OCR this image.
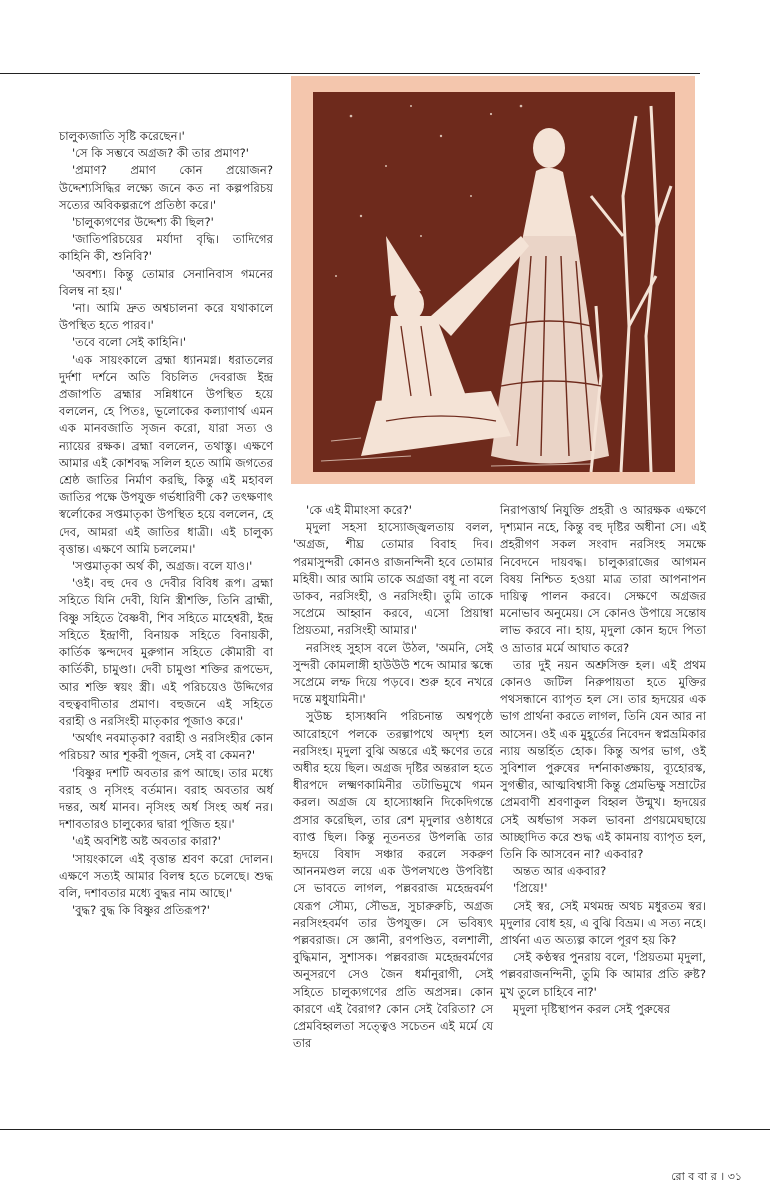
চালুক্যজাতি সৃষ্টি করেছেন।'

'সে কি সম্ভবে অগ্রজ? কী তার প্রমাণ?'

'প্রমাণ? প্রমাণ কোন প্রয়োজন? উদ্দেশ্যসিদ্ধির লক্ষ্যে জনে কত না কল্পপরিচয় সত্যের অবিকল্পরূপে প্রতিষ্ঠা করে।'

'চালুক্যগণের উদ্দেশ্য কী ছিল?'

'জাতিপরিচয়ের মর্যাদা বৃদ্ধি। তাদিগের কাহিনি কী, শুনিবি?'

'অবশ্য। কিন্তু তোমার সেনানিবাস গমনের বিলম্ব না হয়।'

'না। আমি দ্রুত অশ্বচালনা করে যথাকালে উপস্থিত হতে পারব।'

'তবে বলো সেই কাহিনি।'

'এক সায়ংকালে ব্রহ্মা ধ্যানমগ্ন। ধরাতলের দুর্দশা দর্শনে অতি বিচলিত দেবরাজ ইন্দ্র প্রজাপতি ব্রহ্মার সন্নিধানে উপস্থিত হয়ে বললেন, হে পিতঃ, ভূলোকের কল্যাণার্থ এমন এক মানবজাতি সৃজন করো, যারা সত্য ও ন্যায়ের রক্ষক। ব্রহ্মা বললেন, তথাস্তু। এক্ষণে আমার এই কোশবদ্ধ সলিল হতে আমি জগতের শ্রেষ্ঠ জাতির নির্মাণ করছি, কিন্তু এই মহাবল জাতির পক্ষে উপযুক্ত গর্ভধারিণী কে? তৎক্ষণাৎ স্বর্লোকের সপ্তমাতৃকা উপস্থিত হয়ে বললেন, হে দেব, আমরা এই জাতির ধাত্রী। এই চালুক্য বৃত্তান্ত। এক্ষণে আমি চললেম।'

'সপ্তমাতৃকা অর্থ কী, অগ্রজ। বলে যাও।'

'ওই। বহু দেব ও দেবীর বিবিধ রূপ। ব্রহ্মা সহিতে যিনি দেবী, যিনি স্ত্রীশক্তি, তিনি ব্রাহ্মী, বিষ্ণু সহিতে বৈষ্ণবী, শিব সহিতে মাহেশ্বরী, ইন্দ্র সহিতে ইন্দ্রাণী, বিনায়ক সহিতে বিনায়কী, কার্তিক স্কন্দদেব মুরুগান সহিতে কৌমারী বা কার্তিকী, চামুণ্ডা। দেবী চামুণ্ডা শক্তির রূপভেদ, আর শক্তি স্বয়ং স্ত্রী। এই পরিচয়েও উদ্দিগের বহুত্ববাদীতার প্রমাণ। বহুজনে এই সহিতে বরাহী ও নরসিংহী মাতৃকার পূজাও করে।'

'অর্থাৎ নবমাতৃকা? বরাহী ও নরসিংহীর কোন পরিচয়? আর শূকরী পূজন, সেই বা কেমন?'

'বিষ্ণুর দশটি অবতার রূপ আছে। তার মধ্যে বরাহ ও নৃসিংহ বর্তমান। বরাহ অবতার অর্ধ দন্তর, অর্ধ মানব। নৃসিংহ অর্ধ সিংহ অর্ধ নর। দশাবতারও চালুক্যের দ্বারা পূজিত হয়।'

'এই অবশিষ্ট অষ্ট অবতার কারা?'

'সায়ংকালে এই বৃত্তান্ত শ্রবণ করো দোলন। এক্ষণে সত্যই আমার বিলম্ব হতে চলেছে। শুদ্ধ বলি, দশাবতার মধ্যে বুদ্ধর নাম আছে।'

'বুদ্ধ? বুদ্ধ কি বিষ্ণুর প্রতিরূপ?'

'কে এই মীমাংসা করে?'

মৃদুলা সহসা হাস্যোজ্জ্বলতায় বলল, 'অগ্রজ, শীঘ্র তোমার বিবাহ দিব। পরমাসুন্দরী কোনও রাজনন্দিনী হবে তোমার মহিষী। আর আমি তাকে অগ্রজা বধূ না বলে ডাকব, নরসিংহী, ও নরসিংহী। তুমি তাকে সপ্রেমে আহ্বান করবে, এসো প্রিয়াম্বা প্রিয়তমা, নরসিংহী আমার।'

নরসিংহ সুহাস বলে উঠল, 'অমনি, সেই সুন্দরী কোমলাঙ্গী হাউউউ শব্দে আমার স্কন্ধে সপ্রেমে লম্ফ দিয়ে পড়বে। শুরু হবে নখরে দন্তে মধুযামিনী।'

সুউচ্চ হাস্যধ্বনি পরিচনান্ত অশ্বপৃষ্ঠে আরোহণে পলকে তরল্গাপথে অদৃশ্য হল নরসিংহ। মৃদুলা বুঝি অন্তরে এই ক্ষণের তরে অধীর হয়ে ছিল। অগ্রজ দৃষ্টির অন্তরাল হতে ধীরপদে লক্ষ্মণকামিনীর তটাভিমুখে গমন করল। অগ্রজ যে হাস্যোধ্বনি দিকেদিগন্তে প্রসার করেছিল, তার রেশ মৃদুলার ওষ্ঠাধরে ব্যাপ্ত ছিল। কিন্তু নূতনতর উপলব্ধি তার হৃদয়ে বিষাদ সঞ্চার করলে সকরুণ আননমণ্ডল লয়ে এক উপলখণ্ডে উপবিষ্টা সে ভাবতে লাগল, পল্লবরাজ মহেন্দ্রবর্মণ যেরূপ সৌম্য, সৌভদ্র, সুচারুরুচি, অগ্রজ নরসিংহবর্মণ তার উপযুক্ত। সে ভবিষ্যৎ পল্লবরাজ। সে জ্ঞানী, রণপণ্ডিত, বলশালী, বুদ্ধিমান, সুশাসক। পল্লবরাজ মহেন্দ্রবর্মণের অনুসরণে সেও জৈন ধর্মানুরাগী, সেই সহিতে চালুক্যগণের প্রতি অপ্রসন্ন। কোন কারণে এই বৈরাগ? কোন সেই বৈরিতা? সে প্রেমবিহ্বলতা সত্ত্বেও সচেতন এই মর্মে যে তার

নিরাপত্তার্থ নিযুক্তি প্রহরী ও আরক্ষক এক্ষণে দৃশ্যমান নহে, কিন্তু বহু দৃষ্টির অধীনা সে। এই প্রহরীগণ সকল সংবাদ নরসিংহ সমক্ষে নিবেদনে দায়বদ্ধ। চালুক্যরাজের আগমন বিষয় নিশ্চিত হওয়া মাত্র তারা আপনাপন দায়িত্ব পালন করবে। সেক্ষণে অগ্রজর মনোভাব অনুমেয়। সে কোনও উপায়ে সন্তোষ লাভ করবে না। হায়, মৃদুলা কোন হৃদে পিতা ও ভ্রাতার মর্মে আঘাত করে?

তার দুই নয়ন অশ্রুসিক্ত হল। এই প্রথম কোনও জটিল নিরুপায়তা হতে মুক্তির পথসন্ধানে ব্যাপৃত হল সে। তার হৃদয়ের এক ভাগ প্রার্থনা করতে লাগল, তিনি যেন আর না আসেন। ওই এক মুহূর্তের নিবেদন স্বপ্নভ্রমিকার ন্যায় অন্তর্হিত হোক। কিন্তু অপর ভাগ, ওই সুবিশাল পুরুষের দর্শনাকাঙ্ক্ষায়, ব্যূহোরস্ক, সুগম্ভীর, আত্মবিশ্বাসী কিন্তু প্রেমভিক্ষু সম্রাটের প্রেমবাণী শ্রবণাকুল বিহ্বল উন্মুখ। হৃদয়ের সেই অর্ধভাগ সকল ভাবনা প্রণয়মেঘছায়ে আচ্ছাদিত করে শুদ্ধ এই কামনায় ব্যাপৃত হল, তিনি কি আসবেন না? একবার?

অন্তত আর একবার?

'প্রিয়ে!'

সেই স্বর, সেই মথমন্দ্র অথচ মধুরতম স্বর। মৃদুলার বোধ হয়, এ বুঝি বিভ্রম। এ সত্য নহে। প্রার্থনা এত অত্যল্প কালে পূরণ হয় কি?

সেই কণ্ঠস্বর পুনরায় বলে, 'প্রিয়তমা মৃদুলা, পল্লবরাজনন্দিনী, তুমি কি আমার প্রতি রুষ্ট? মুখ তুলে চাহিবে না?'

মৃদুলা দৃষ্টিস্থাপন করল সেই পুরুষের

রো ব বা র । ৩১
